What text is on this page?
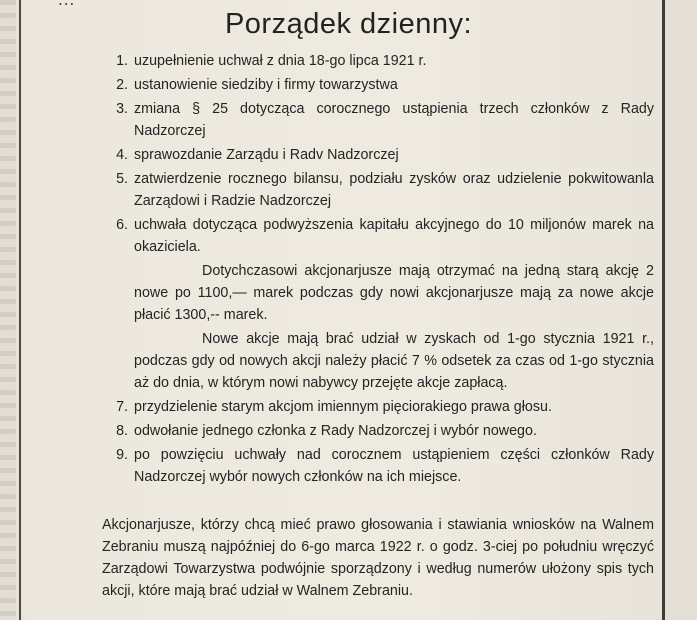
...
Porządek dzienny:
1. uzupełnienie uchwał z dnia 18-go lipca 1921 r.
2. ustanowienie siedziby i firmy towarzystwa
3. zmiana § 25 dotycząca corocznego ustąpienia trzech członków z Rady Nadzorczej
4. sprawozdanie Zarządu i Radv Nadzorczej
5. zatwierdzenie rocznego bilansu, podziału zysków oraz udzielenie pokwitowanla Zarządowi i Radzie Nadzorczej
6. uchwała dotycząca podwyższenia kapitału akcyjnego do 10 miljonów marek na okaziciela.
Dotychczasowi akcjonarjusze mają otrzymać na jedną starą akcję 2 nowe po 1100,— marek podczas gdy nowi akcjonarjusze mają za nowe akcje płacić 1300,-- marek.
Nowe akcje mają brać udział w zyskach od 1-go stycznia 1921 r., podczas gdy od nowych akcji należy płacić 7 % odsetek za czas od 1-go stycznia aż do dnia, w którym nowi nabywcy przejęte akcje zapłacą.
7. przydzielenie starym akcjom imiennym pięciorakiego prawa głosu.
8. odwołanie jednego członka z Rady Nadzorczej i wybór nowego.
9. po powzięciu uchwały nad corocznem ustąpieniem części członków Rady Nadzorczej wybór nowych członków na ich miejsce.
Akcjonarjusze, którzy chcą mieć prawo głosowania i stawiania wniosków na Walnem Zebraniu muszą najpóźniej do 6-go marca 1922 r. o godz. 3-ciej po południu wręczyć Zarządowi Towarzystwa podwójnie sporządzony i według numerów ułożony spis tych akcji, które mają brać udział w Walnem Zebraniu.
